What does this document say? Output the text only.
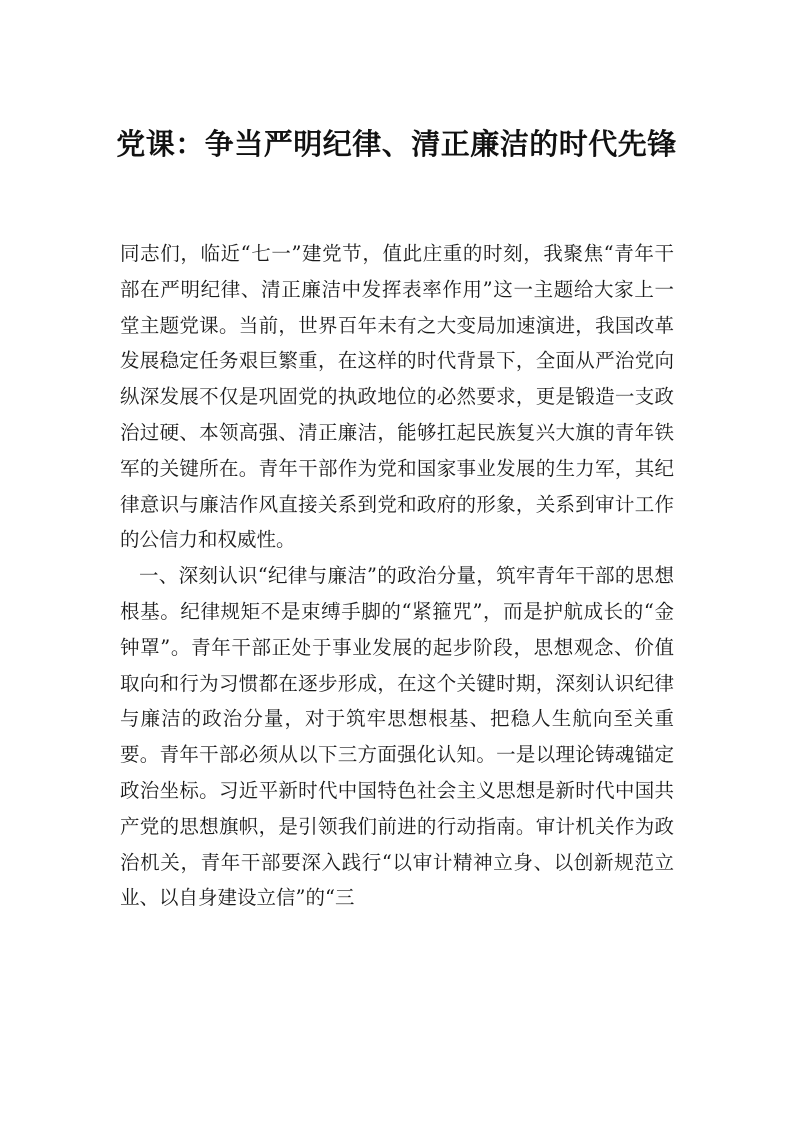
党课：争当严明纪律、清正廉洁的时代先锋

同志们，临近“七一”建党节，值此庄重的时刻，我聚焦“青年干部在严明纪律、清正廉洁中发挥表率作用”这一主题给大家上一堂主题党课。当前，世界百年未有之大变局加速演进，我国改革发展稳定任务艰巨繁重，在这样的时代背景下，全面从严治党向纵深发展不仅是巩固党的执政地位的必然要求，更是锻造一支政治过硬、本领高强、清正廉洁，能够扛起民族复兴大旗的青年铁军的关键所在。青年干部作为党和国家事业发展的生力军，其纪律意识与廉洁作风直接关系到党和政府的形象，关系到审计工作的公信力和权威性。

一、深刻认识“纪律与廉洁”的政治分量，筑牢青年干部的思想根基。纪律规矩不是束缚手脚的“紧箍咒”，而是护航成长的“金钟罩”。青年干部正处于事业发展的起步阶段，思想观念、价值取向和行为习惯都在逐步形成，在这个关键时期，深刻认识纪律与廉洁的政治分量，对于筑牢思想根基、把稳人生航向至关重要。青年干部必须从以下三方面强化认知。一是以理论铸魂锚定政治坐标。习近平新时代中国特色社会主义思想是新时代中国共产党的思想旗帜，是引领我们前进的行动指南。审计机关作为政治机关，青年干部要深入践行“以审计精神立身、以创新规范立业、以自身建设立信”的“三
